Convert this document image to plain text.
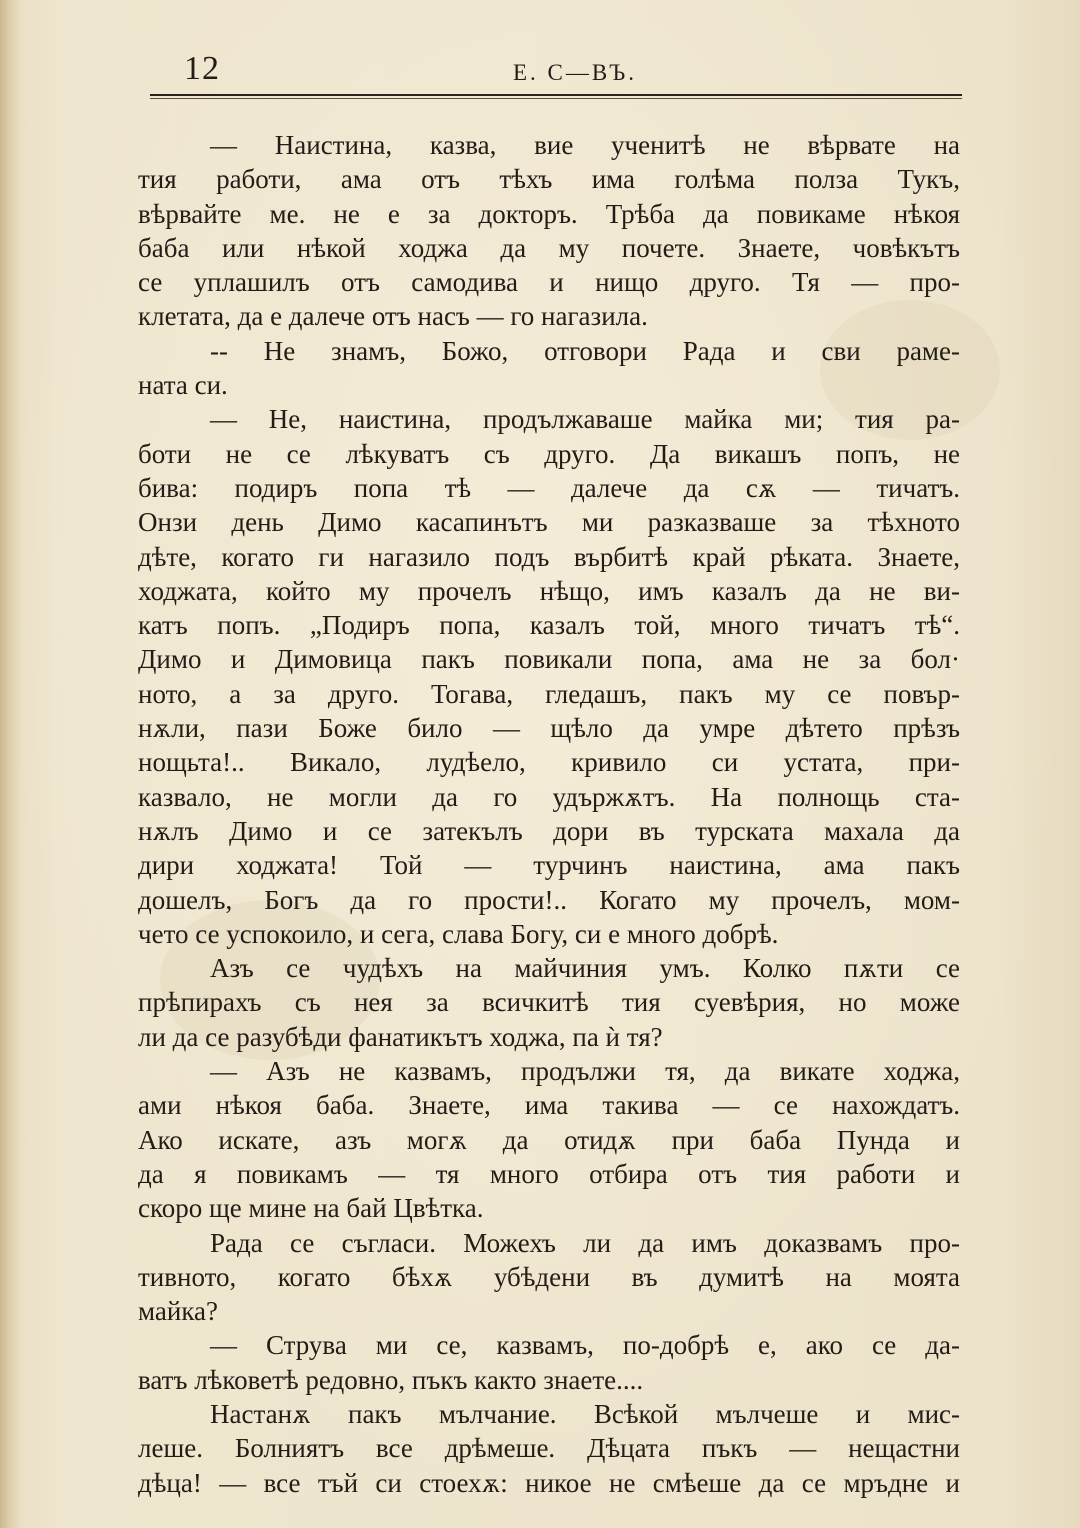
12	Е. С—ВЪ.
— Наистина, казва, вие ученитѣ не вѣрвате на
тия работи, ама отъ тѣхъ има голѣма полза Тукъ,
вѣрвайте ме. не е за докторъ. Трѣба да повикаме нѣкоя
баба или нѣкой ходжа да му почете. Знаете, човѣкътъ
се уплашилъ отъ самодива и нищо друго. Тя — про-
клетата, да е далече отъ насъ — го нагазила.
-- Не знамъ, Божо, отговори Рада и сви раме-
ната си.
— Не, наистина, продължаваше майка ми; тия ра-
боти не се лѣкуватъ съ друго. Да викашъ попъ, не
бива: подиръ попа тѣ — далече да сѫ — тичатъ.
Онзи день Димо касапинътъ ми разказваше за тѣхното
дѣте, когато ги нагазило подъ върбитѣ край рѣката. Знаете,
ходжата, който му прочелъ нѣщо, имъ казалъ да не ви-
катъ попъ. „Подиръ попа, казалъ той, много тичатъ тѣ“.
Димо и Димовица пакъ повикали попа, ама не за бол·
ното, а за друго. Тогава, гледашъ, пакъ му се повър-
нѫли, пази Боже било — щѣло да умре дѣтето прѣзъ
нощьта!.. Викало, лудѣело, кривило си устата, при-
казвало, не могли да го удържѫтъ. На полнощь ста-
нѫлъ Димо и се затекълъ дори въ турската махала да
дири ходжата! Той — турчинъ наистина, ама пакъ
дошелъ, Богъ да го прости!.. Когато му прочелъ, мом-
чето се успокоило, и сега, слава Богу, си е много добрѣ.
Азъ се чудѣхъ на майчиния умъ. Колко пѫти се
прѣпирахъ съ нея за всичкитѣ тия суевѣрия, но може
ли да се разубѣди фанатикътъ ходжа, па ѝ тя?
— Азъ не казвамъ, продължи тя, да викате ходжа,
ами нѣкоя баба. Знаете, има такива — се нахождатъ.
Ако искате, азъ могѫ да отидѫ при баба Пунда и
да я повикамъ — тя много отбира отъ тия работи и
скоро ще мине на бай Цвѣтка.
Рада се съгласи. Можехъ ли да имъ доказвамъ про-
тивното, когато бѣхѫ убѣдени въ думитѣ на моята
майка?
— Струва ми се, казвамъ, по-добрѣ е, ако се да-
ватъ лѣковетѣ редовно, пъкъ както знаете....
Настанѫ пакъ мълчание. Всѣкой мълчеше и мис-
леше. Болниятъ все дрѣмеше. Дѣцата пъкъ — нещастни
дѣца! — все тъй си стоехѫ: никое не смѣеше да се мръдне и
